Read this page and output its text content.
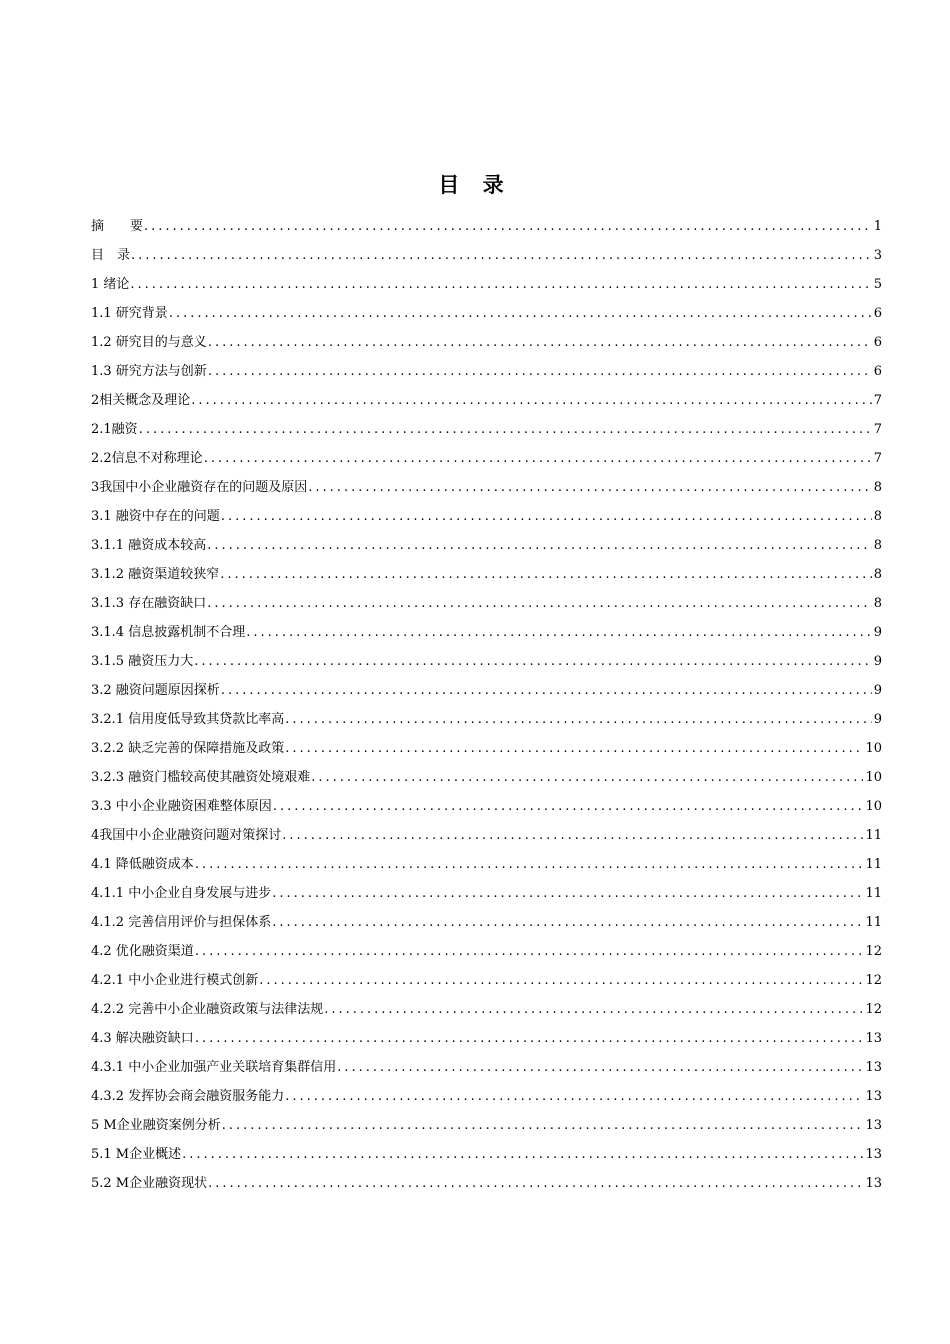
目 录
摘　　要 .....	1
目　录 .....	3
1 绪论 .....	5
1.1 研究背景 .....	6
1.2 研究目的与意义 .....	6
1.3 研究方法与创新 .....	6
2相关概念及理论 .....	7
2.1融资 .....	7
2.2信息不对称理论 .....	7
3我国中小企业融资存在的问题及原因 .....	8
3.1 融资中存在的问题 .....	8
3.1.1 融资成本较高 .....	8
3.1.2 融资渠道较狭窄 .....	8
3.1.3 存在融资缺口 .....	8
3.1.4 信息披露机制不合理 .....	9
3.1.5 融资压力大 .....	9
3.2 融资问题原因探析 .....	9
3.2.1 信用度低导致其贷款比率高 .....	9
3.2.2 缺乏完善的保障措施及政策 .....	10
3.2.3 融资门槛较高使其融资处境艰难 .....	10
3.3 中小企业融资困难整体原因 .....	10
4我国中小企业融资问题对策探讨 .....	11
4.1 降低融资成本 .....	11
4.1.1 中小企业自身发展与进步 .....	11
4.1.2 完善信用评价与担保体系 .....	11
4.2 优化融资渠道 .....	12
4.2.1 中小企业进行模式创新 .....	12
4.2.2 完善中小企业融资政策与法律法规 .....	12
4.3 解决融资缺口 .....	13
4.3.1 中小企业加强产业关联培育集群信用 .....	13
4.3.2 发挥协会商会融资服务能力 .....	13
5 M企业融资案例分析 .....	13
5.1 M企业概述 .....	13
5.2 M企业融资现状 .....	13
